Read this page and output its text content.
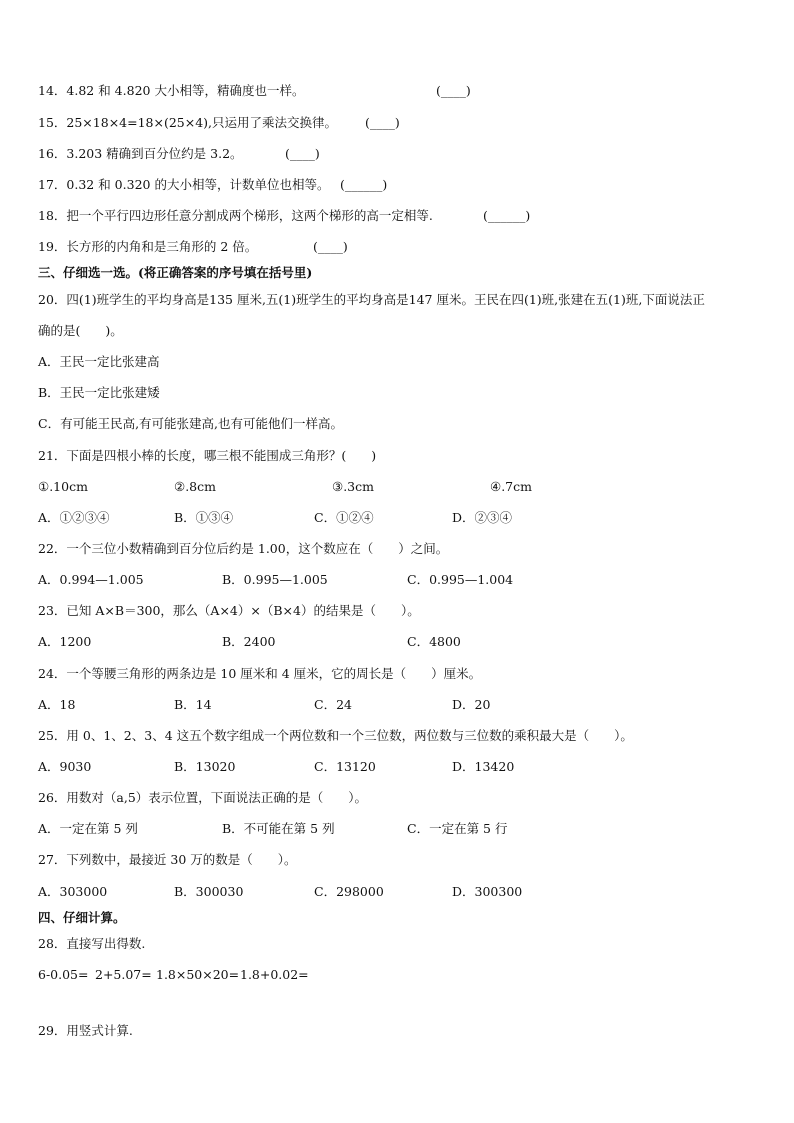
14．4.82 和 4.820 大小相等，精确度也一样。	(____)
15．25×18×4=18×(25×4),只运用了乘法交换律。 (____)
16．3.203 精确到百分位约是 3.2。	(____)
17．0.32 和 0.320 的大小相等，计数单位也相等。 (______)
18．把一个平行四边形任意分割成两个梯形，这两个梯形的高一定相等.	(______)
19．长方形的内角和是三角形的 2 倍。	(____)
三、仔细选一选。(将正确答案的序号填在括号里)
20．四(1)班学生的平均身高是135 厘米,五(1)班学生的平均身高是147 厘米。王民在四(1)班,张建在五(1)班,下面说法正
确的是(　　)。
A．王民一定比张建高
B．王民一定比张建矮
C．有可能王民高,有可能张建高,也有可能他们一样高。
21．下面是四根小棒的长度，哪三根不能围成三角形？(　　)
①.10cm	②.8cm	③.3cm	④.7cm
A．①②③④	B．①③④	C．①②④	D．②③④
22．一个三位小数精确到百分位后约是 1.00，这个数应在（　　）之间。
A．0.994—1.005	B．0.995—1.005	C．0.995—1.004
23．已知 A×B＝300，那么（A×4）×（B×4）的结果是（　　）。
A．1200	B．2400	C．4800
24．一个等腰三角形的两条边是 10 厘米和 4 厘米，它的周长是（　　）厘米。
A．18	B．14	C．24	D．20
25．用 0、1、2、3、4 这五个数字组成一个两位数和一个三位数，两位数与三位数的乘积最大是（　　）。
A．9030	B．13020	C．13120	D．13420
26．用数对（a,5）表示位置，下面说法正确的是（　　）。
A．一定在第 5 列	B．不可能在第 5 列	C．一定在第 5 行
27．下列数中，最接近 30 万的数是（　　）。
A．303000	B．300030	C．298000	D．300300
四、仔细计算。
28．直接写出得数.
6-0.05= 2+5.07= 1.8×50×20= 1.8+0.02=
29．用竖式计算.
